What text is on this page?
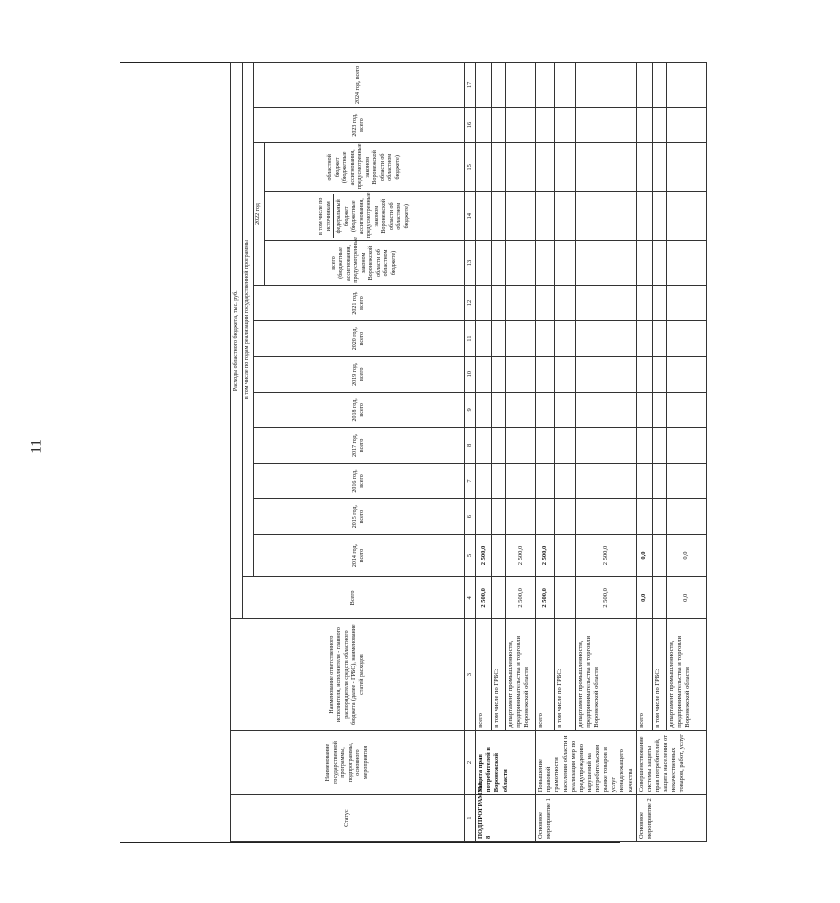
11
Статус	Наименование государственной программы, подпрограммы, основного мероприятия	Наименование ответственного исполнителя, исполнителя - главного распорядителя средств областного бюджета (далее - ГРБС), наименование статей расходов	Расходы областного бюджета, тыс. руб.													
			Всего	в том числе по годам реализации государственной программы												
				2014 год, всего	2015 год, всего	2016 год, всего	2017 год, всего	2018 год, всего	2019 год, всего	2020 год, всего	2021 год, всего	2022 год			2023 год, всего	2024 год, всего
												всего (бюджетные ассигнования, предусмотренные законом Воронежской области об областном бюджете)	в том числе по источникам федеральный бюджет (бюджетные ассигнования, предусмотренные законом Воронежской области об областном бюджете)	областной бюджет (бюджетные ассигнования, предусмотренные законом Воронежской области об областном бюджете)		
1	2	3	4	5	6	7	8	9	10	11	12	13	14	15	16	17
ПОДПРОГРАММА 8	Защита прав потребителей в Воронежской области	всего	2 500,0	2 500,0												
		в том числе по ГРБС:														
		департамент промышленности, предпринимательства и торговли Воронежской области	2 500,0	2 500,0												
Основное мероприятие 1	Повышение правовой грамотности населения области и реализация мер по предупреждению нарушений на потребительском рынке товаров и услуг ненадлежащего качества	всего	2 500,0	2 500,0												
		в том числе по ГРБС:														
		департамент промышленности, предпринимательства и торговли Воронежской области	2 500,0	2 500,0												
Основное мероприятие 2	Совершенствование системы защиты прав потребителей, защита населения от некачественных товаров, работ, услуг	всего	0,0	0,0												
		в том числе по ГРБС:														
		департамент промышленности, предпринимательства и торговли Воронежской области	0,0	0,0												
